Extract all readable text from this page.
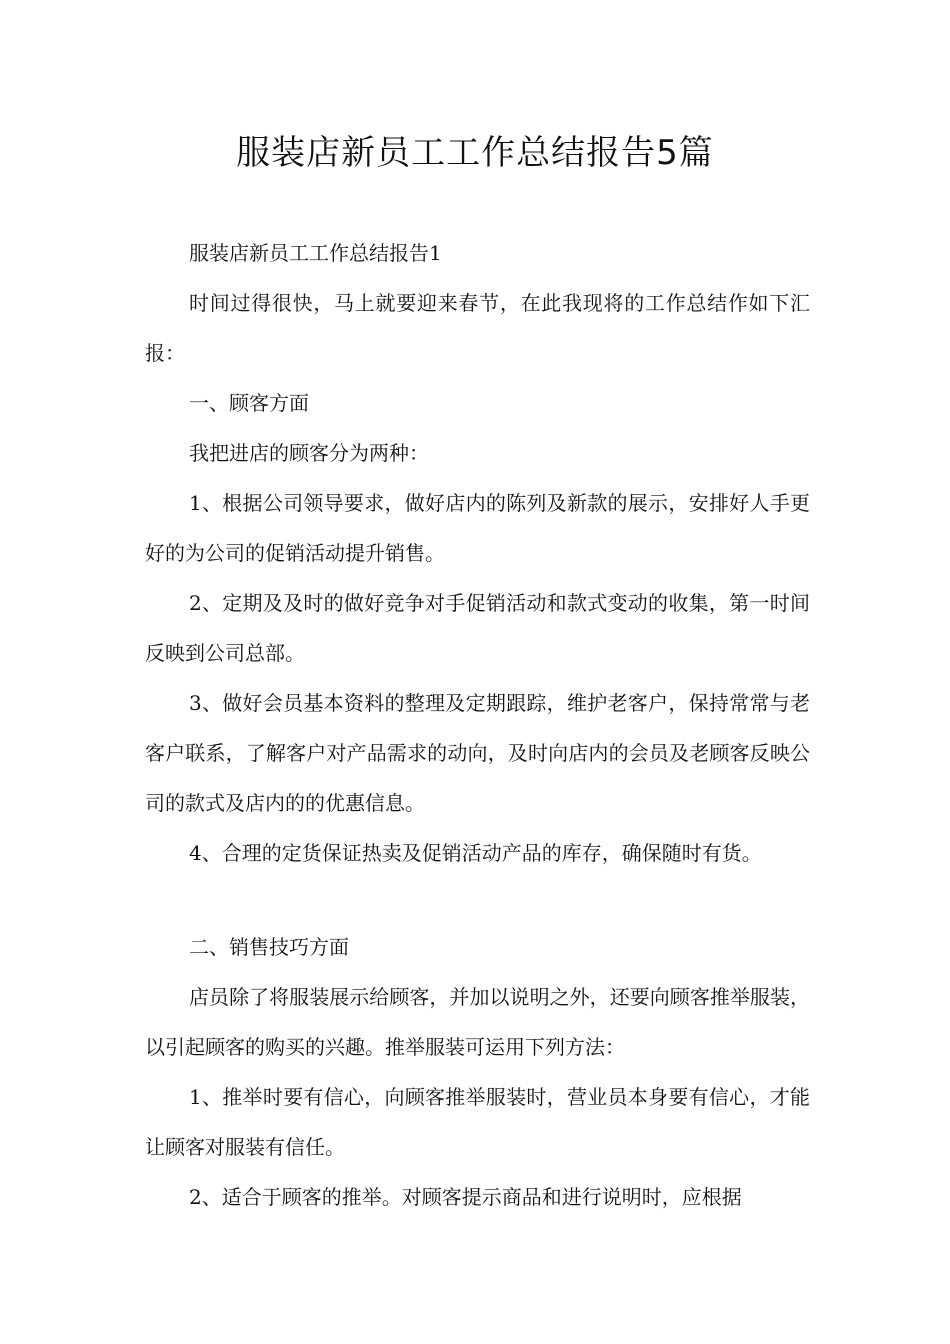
服装店新员工工作总结报告5篇

服装店新员工工作总结报告1

时间过得很快，马上就要迎来春节，在此我现将的工作总结作如下汇报：

一、顾客方面

我把进店的顾客分为两种：

1、根据公司领导要求，做好店内的陈列及新款的展示，安排好人手更好的为公司的促销活动提升销售。

2、定期及及时的做好竞争对手促销活动和款式变动的收集，第一时间反映到公司总部。

3、做好会员基本资料的整理及定期跟踪，维护老客户，保持常常与老客户联系，了解客户对产品需求的动向，及时向店内的会员及老顾客反映公司的款式及店内的的优惠信息。

4、合理的定货保证热卖及促销活动产品的库存，确保随时有货。

二、销售技巧方面

店员除了将服装展示给顾客，并加以说明之外，还要向顾客推举服装，以引起顾客的购买的兴趣。推举服装可运用下列方法：

1、推举时要有信心，向顾客推举服装时，营业员本身要有信心，才能让顾客对服装有信任。

2、适合于顾客的推举。对顾客提示商品和进行说明时，应根据
